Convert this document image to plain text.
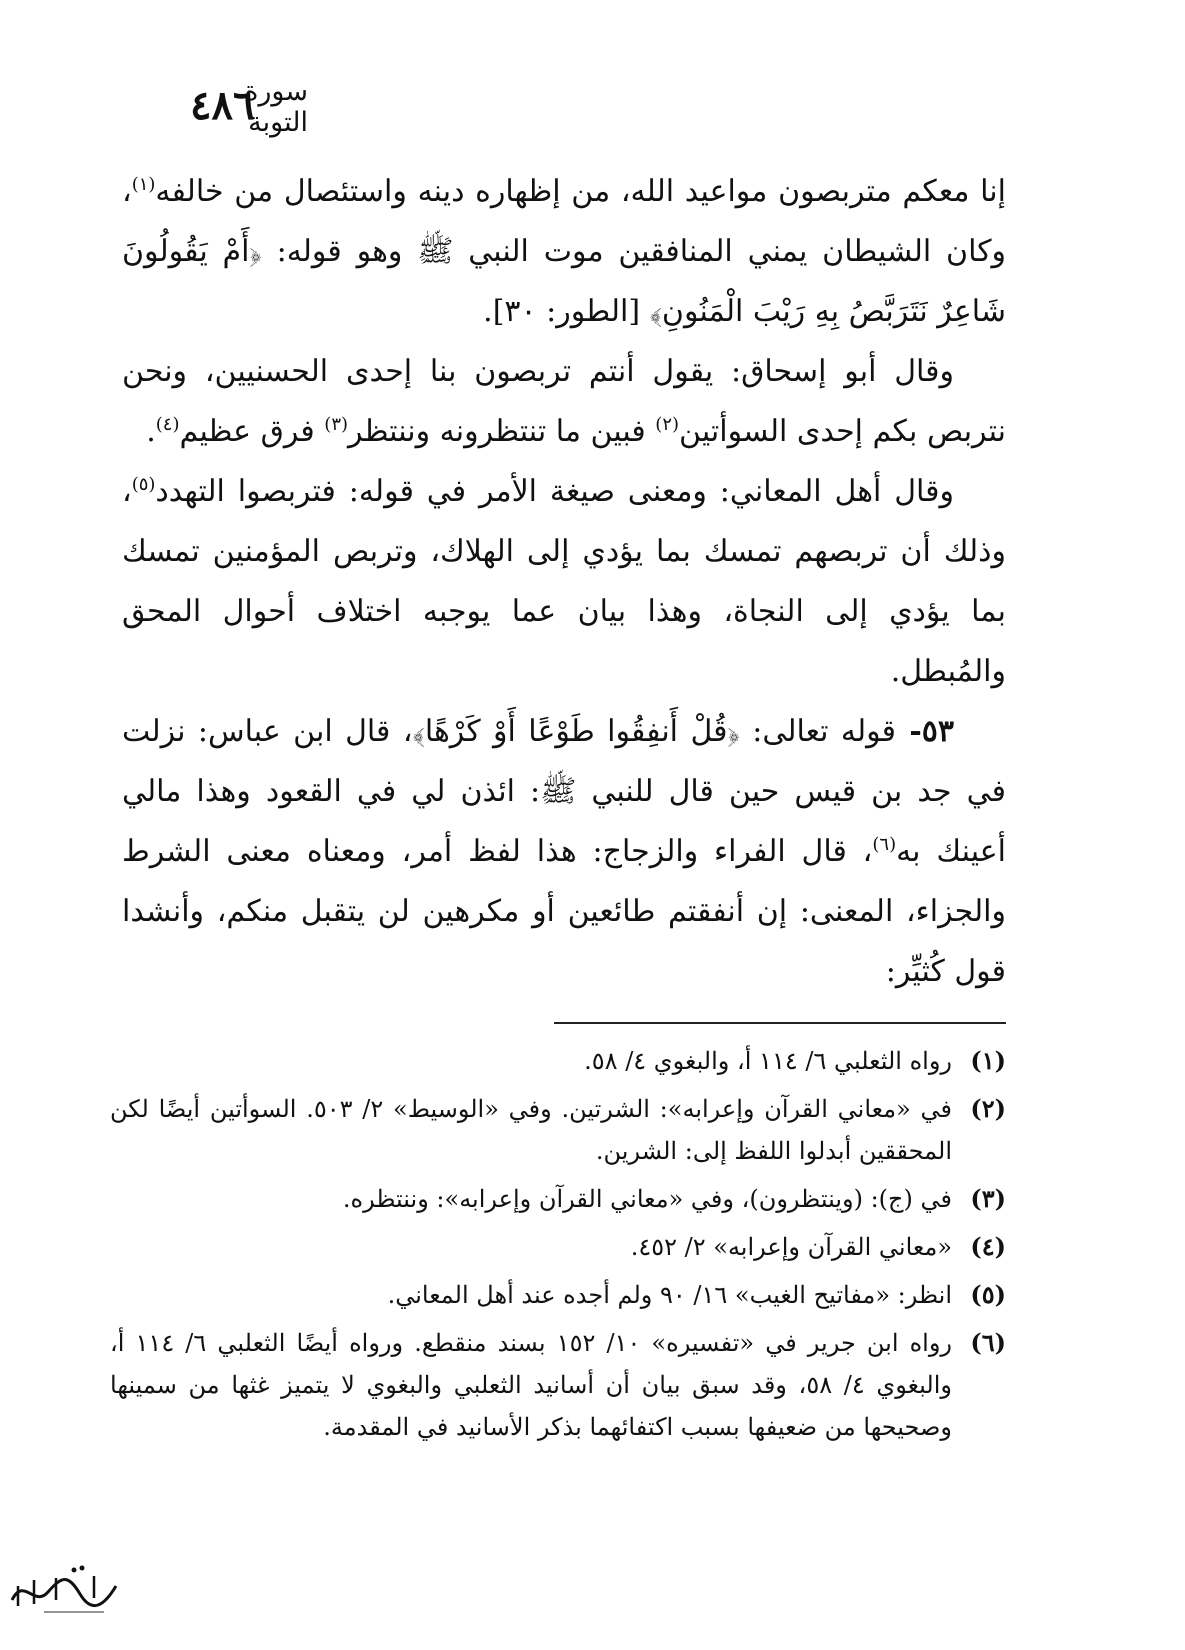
٤٨٦
سورة التوبة

إنا معكم متربصون مواعيد الله، من إظهاره دينه واستئصال من خالفه$^{(١)}$، وكان الشيطان يمني المنافقين موت النبي ﷺ وهو قوله: ﴿أَمْ يَقُولُونَ شَاعِرٌ نَتَرَبَّصُ بِهِ رَيْبَ الْمَنُونِ﴾ [الطور: ٣٠].

وقال أبو إسحاق: يقول أنتم تربصون بنا إحدى الحسنيين، ونحن نتربص بكم إحدى السوأتين$^{(٢)}$ فبين ما تنتظرونه وننتظر$^{(٣)}$ فرق عظيم$^{(٤)}$.

وقال أهل المعاني: ومعنى صيغة الأمر في قوله: فتربصوا التهدد$^{(٥)}$، وذلك أن تربصهم تمسك بما يؤدي إلى الهلاك، وتربص المؤمنين تمسك بما يؤدي إلى النجاة، وهذا بيان عما يوجبه اختلاف أحوال المحق والمُبطل.

٥٣- قوله تعالى: ﴿قُلْ أَنفِقُوا طَوْعًا أَوْ كَرْهًا﴾، قال ابن عباس: نزلت في جد بن قيس حين قال للنبي ﷺ: ائذن لي في القعود وهذا مالي أعينك به$^{(٦)}$، قال الفراء والزجاج: هذا لفظ أمر، ومعناه معنى الشرط والجزاء، المعنى: إن أنفقتم طائعين أو مكرهين لن يتقبل منكم، وأنشدا قول كُثيِّر:

(١)
رواه الثعلبي ٦/ ١١٤ أ، والبغوي ٤/ ٥٨.
(٢)
في «معاني القرآن وإعرابه»: الشرتين. وفي «الوسيط» ٢/ ٥٠٣. السوأتين أيضًا لكن المحققين أبدلوا اللفظ إلى: الشرين.
(٣)
في (ج): (وينتظرون)، وفي «معاني القرآن وإعرابه»: وننتظره.
(٤)
«معاني القرآن وإعرابه» ٢/ ٤٥٢.
(٥)
انظر: «مفاتيح الغيب» ١٦/ ٩٠ ولم أجده عند أهل المعاني.
(٦)
رواه ابن جرير في «تفسيره» ١٠/ ١٥٢ بسند منقطع. ورواه أيضًا الثعلبي ٦/ ١١٤ أ، والبغوي ٤/ ٥٨، وقد سبق بيان أن أسانيد الثعلبي والبغوي لا يتميز غثها من سمينها وصحيحها من ضعيفها بسبب اكتفائهما بذكر الأسانيد في المقدمة.
